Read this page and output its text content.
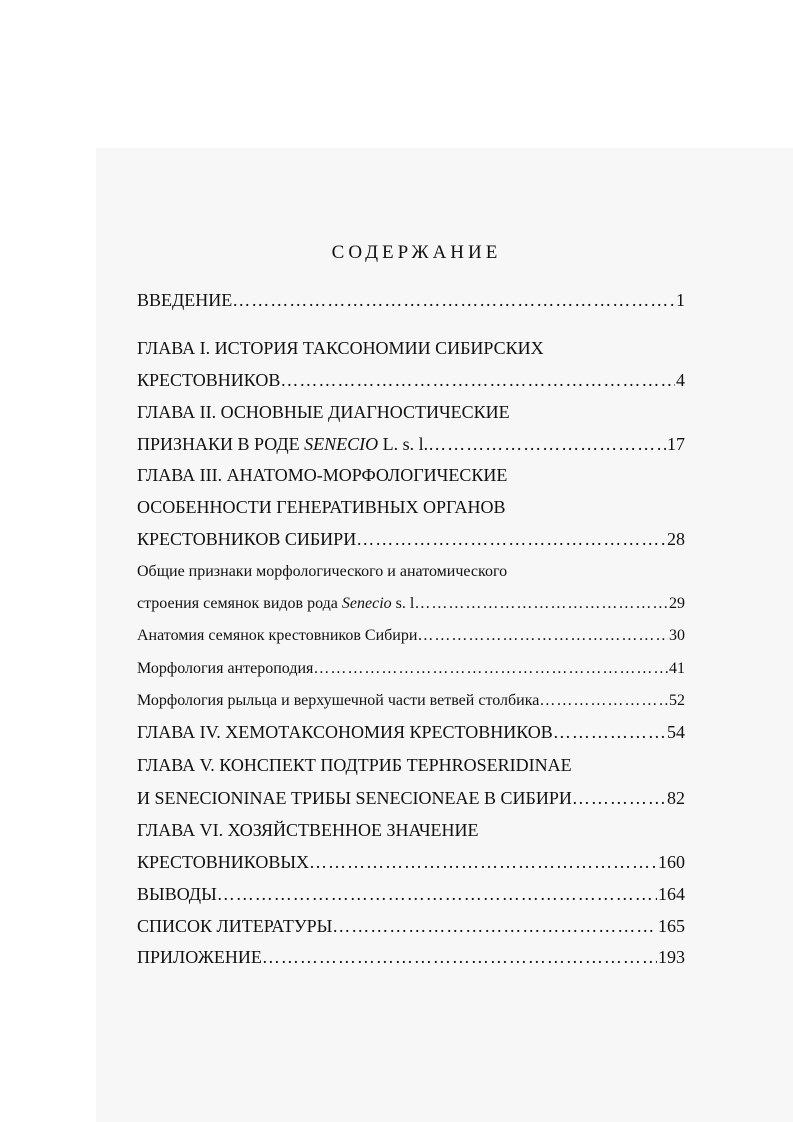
СОДЕРЖАНИЕ
ВВЕДЕНИЕ ……………………………………………………………………………………………………………………………………………………………	1
ГЛАВА I. ИСТОРИЯ ТАКСОНОМИИ СИБИРСКИХ
КРЕСТОВНИКОВ ……………………………………………………………………………………………………………………………………………………………	4
ГЛАВА II. ОСНОВНЫЕ ДИАГНОСТИЧЕСКИЕ
ПРИЗНАКИ В РОДЕ SENECIO L. s. l. ……………………………………………………………………………………………………………………………………………………………	17
ГЛАВА III. АНАТОМО-МОРФОЛОГИЧЕСКИЕ
ОСОБЕННОСТИ ГЕНЕРАТИВНЫХ ОРГАНОВ
КРЕСТОВНИКОВ СИБИРИ ……………………………………………………………………………………………………………………………………………………………	28
Общие признаки морфологического и анатомического
строения семянок видов рода Senecio s. l ……………………………………………………………………………………………………………………………………………………………	29
Анатомия семянок крестовников Сибири ……………………………………………………………………………………………………………………………………………………………	30
Морфология антероподия ……………………………………………………………………………………………………………………………………………………………	41
Морфология рыльца и верхушечной части ветвей столбика ……………………………………………………………………………………………………………………………………………………………	52
ГЛАВА IV. ХЕМОТАКСОНОМИЯ КРЕСТОВНИКОВ ……………………………………………………………………………………………………………………………………………………………	54
ГЛАВА V. КОНСПЕКТ ПОДТРИБ TEPHROSERIDINAE
И SENECIONINAE ТРИБЫ SENECIONEAE В СИБИРИ ……………………………………………………………………………………………………………………………………………………………	82
ГЛАВА VI. ХОЗЯЙСТВЕННОЕ ЗНАЧЕНИЕ
КРЕСТОВНИКОВЫХ ……………………………………………………………………………………………………………………………………………………………	160
ВЫВОДЫ ……………………………………………………………………………………………………………………………………………………………	164
СПИСОК ЛИТЕРАТУРЫ ……………………………………………………………………………………………………………………………………………………………	165
ПРИЛОЖЕНИЕ ……………………………………………………………………………………………………………………………………………………………	193
